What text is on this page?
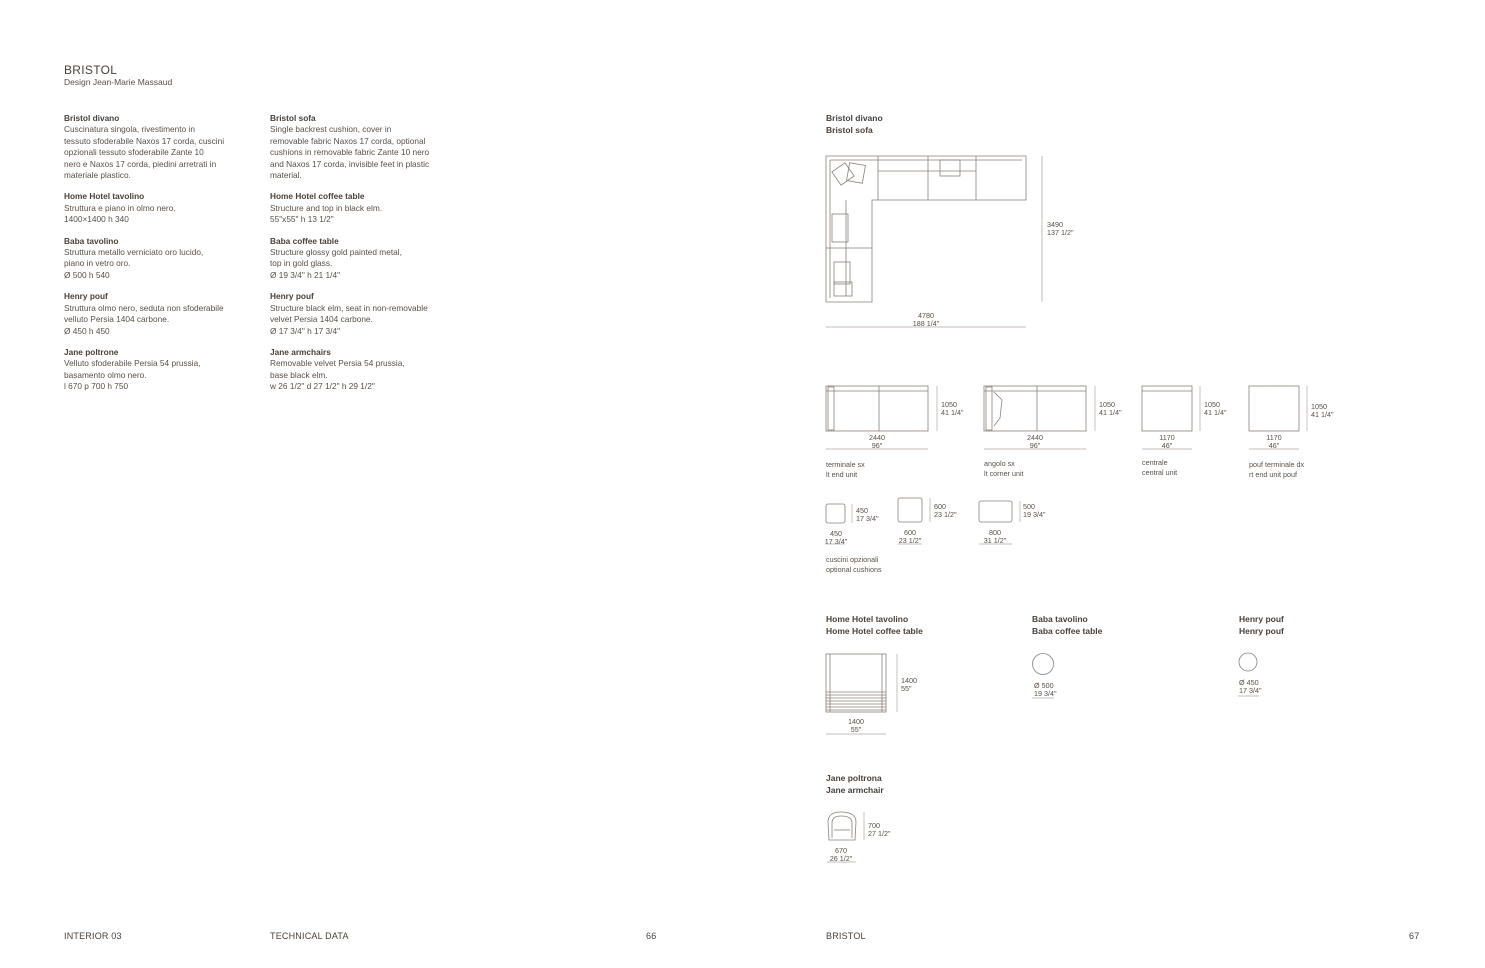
BRISTOL
Design Jean-Marie Massaud
Bristol divano
Cuscinatura singola, rivestimento in
tessuto sfoderabile Naxos 17 corda, cuscini
opzionali tessuto sfoderabile Zante 10
nero e Naxos 17 corda, piedini arretrati in
materiale plastico.
Home Hotel tavolino
Struttura e piano in olmo nero.
1400×1400 h 340
Baba tavolino
Struttura metallo verniciato oro lucido,
piano in vetro oro.
Ø 500 h 540
Henry pouf
Struttura olmo nero, seduta non sfoderabile
velluto Persia 1404 carbone.
Ø 450 h 450
Jane poltrone
Velluto sfoderabile Persia 54 prussia,
basamento olmo nero.
l 670 p 700 h 750
Bristol sofa
Single backrest cushion, cover in
removable fabric Naxos 17 corda, optional
cushions in removable fabric Zante 10 nero
and Naxos 17 corda, invisible feet in plastic
material.
Home Hotel coffee table
Structure and top in black elm.
55"x55" h 13 1/2"
Baba coffee table
Structure glossy gold painted metal,
top in gold glass.
Ø 19 3/4" h 21 1/4"
Henry pouf
Structure black elm, seat in non-removable
velvet Persia 1404 carbone.
Ø 17 3/4" h 17 3/4"
Jane armchairs
Removable velvet Persia 54 prussia,
base black elm.
w 26 1/2" d 27 1/2" h 29 1/2"
Bristol divano
Bristol sofa
3490
137 1/2"
4780
188 1/4"
1050
41 1/4"
2440
96"
terminale sx
lt end unit
1050
41 1/4"
2440
96"
angolo sx
lt corner unit
1050
41 1/4"
1170
46"
centrale
central unit
1050
41 1/4"
1170
46"
pouf terminale dx
rt end unit pouf
450
17 3/4"
450
17 3/4"
600
23 1/2"
600
23 1/2"
500
19 3/4"
800
31 1/2"
cuscini opzionali
optional cushions
Home Hotel tavolino
Home Hotel coffee table
Baba tavolino
Baba coffee table
Henry pouf
Henry pouf
1400
55"
1400
55"
Ø 500
19 3/4"
Ø 450
17 3/4"
Jane poltrona
Jane armchair
700
27 1/2"
670
26 1/2"
INTERIOR 03	TECHNICAL DATA	66	BRISTOL	67
